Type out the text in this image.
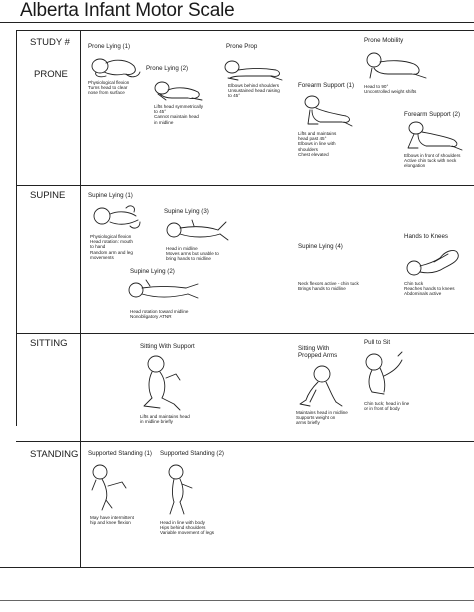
Alberta Infant Motor Scale
STUDY #
PRONE
SUPINE
SITTING
STANDING
Prone Lying (1)
Physiological flexion
Turns head to clear
nose from surface
Prone Lying (2)
Lifts head symmetrically
to 45°
Cannot maintain head
in midline
Prone Prop
Elbows behind shoulders
Unsustained head raising
to 45°
Forearm Support (1)
Lifts and maintains
head past 45°
Elbows in line with
shoulders
Chest elevated
Prone Mobility
Head to 90°
Uncontrolled weight shifts
Forearm Support (2)
Elbows in front of shoulders
Active chin tuck with neck
elongation
Supine Lying (1)
Physiological flexion
Head rotation: mouth
to hand
Random arm and leg
movements
Supine Lying (2)
Head rotation toward midline
Nonobligatory ATNR
Supine Lying (3)
Head in midline
Moves arms but unable to
bring hands to midline
Supine Lying (4)
Neck flexors active - chin tuck
Brings hands to midline
Hands to Knees
Chin tuck
Reaches hands to knees
Abdominals active
Sitting With Support
Lifts and maintains head
in midline briefly
Sitting With
Propped Arms
Maintains head in midline
Supports weight on
arms briefly
Pull to Sit
Chin tuck; head in line
or in front of body
Supported Standing (1)
May have intermittent
hip and knee flexion
Supported Standing (2)
Head in line with body
Hips behind shoulders
Variable movement of legs
